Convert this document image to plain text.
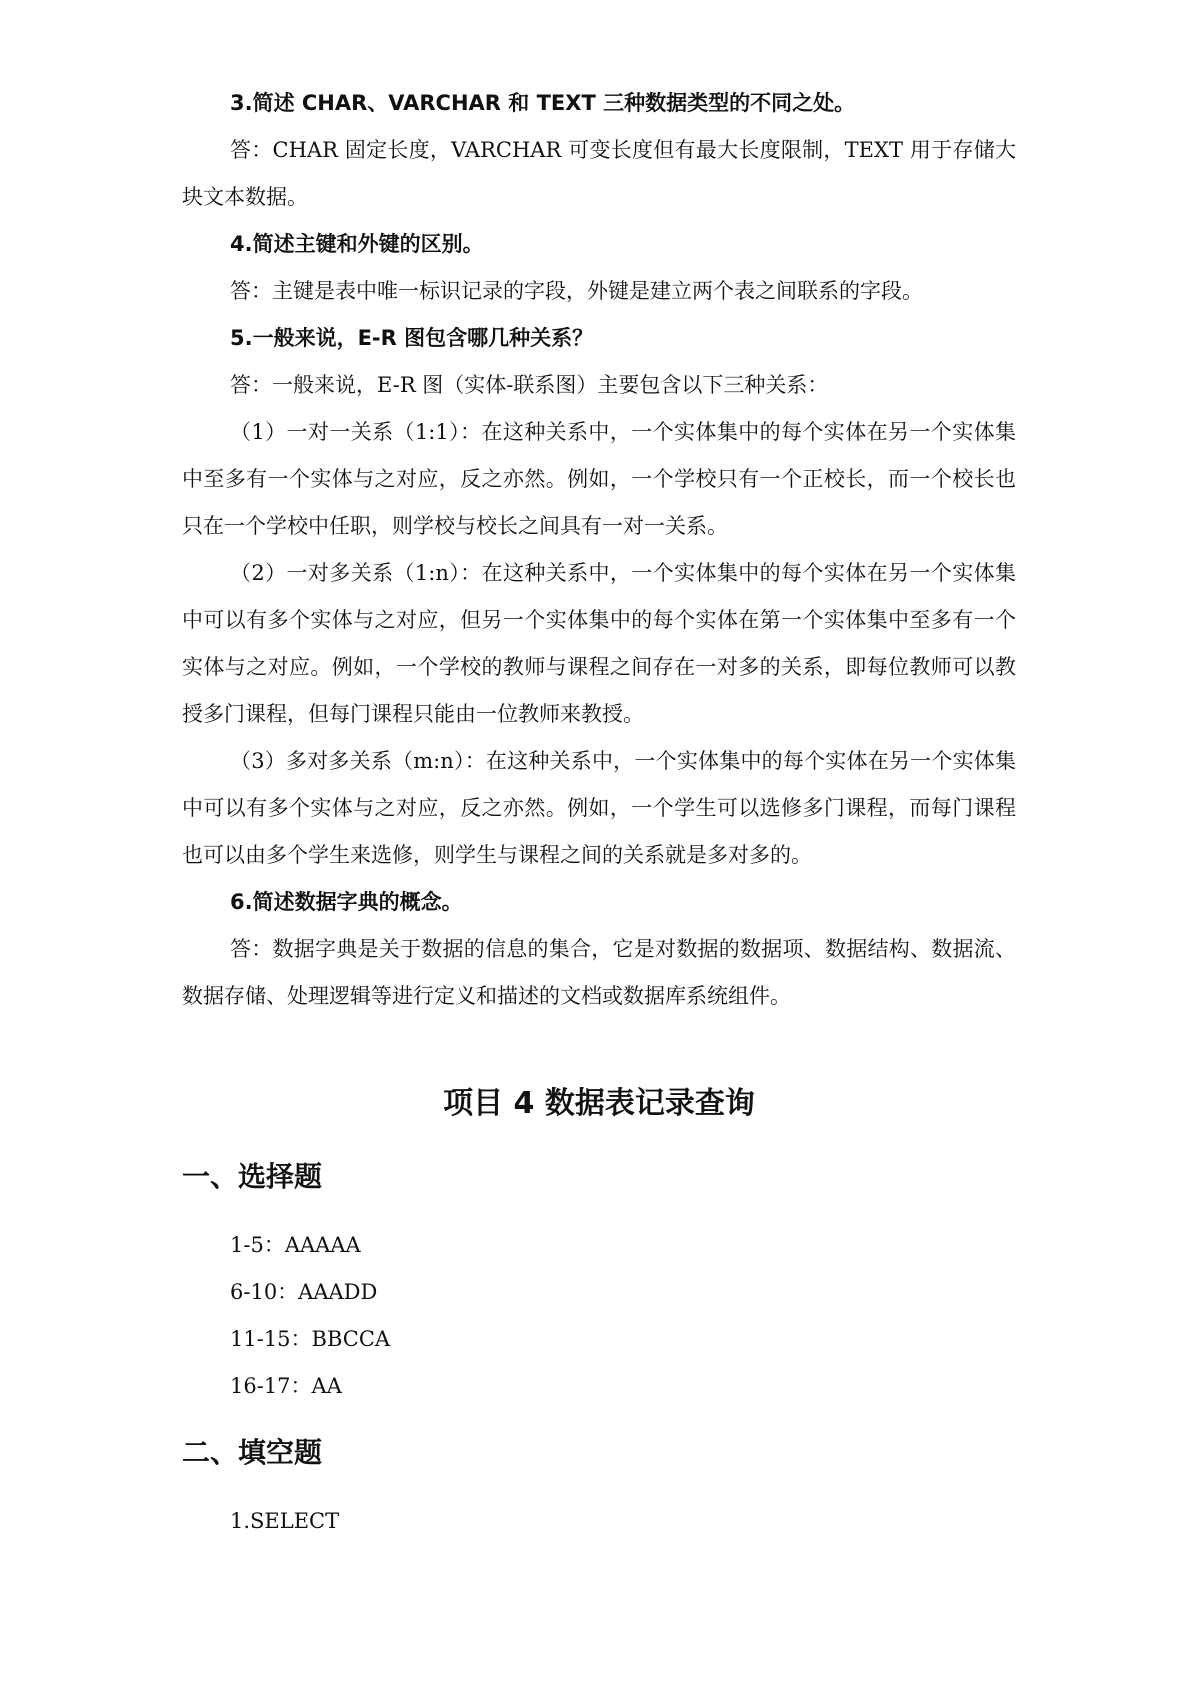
3.简述 CHAR、VARCHAR 和 TEXT 三种数据类型的不同之处。

答：CHAR 固定长度，VARCHAR 可变长度但有最大长度限制，TEXT 用于存储大块文本数据。

4.简述主键和外键的区别。

答：主键是表中唯一标识记录的字段，外键是建立两个表之间联系的字段。

5.一般来说，E-R 图包含哪几种关系？

答：一般来说，E-R 图（实体-联系图）主要包含以下三种关系：

（1）一对一关系（1:1）：在这种关系中，一个实体集中的每个实体在另一个实体集中至多有一个实体与之对应，反之亦然。例如，一个学校只有一个正校长，而一个校长也只在一个学校中任职，则学校与校长之间具有一对一关系。

（2）一对多关系（1:n）：在这种关系中，一个实体集中的每个实体在另一个实体集中可以有多个实体与之对应，但另一个实体集中的每个实体在第一个实体集中至多有一个实体与之对应。例如，一个学校的教师与课程之间存在一对多的关系，即每位教师可以教授多门课程，但每门课程只能由一位教师来教授。

（3）多对多关系（m:n）：在这种关系中，一个实体集中的每个实体在另一个实体集中可以有多个实体与之对应，反之亦然。例如，一个学生可以选修多门课程，而每门课程也可以由多个学生来选修，则学生与课程之间的关系就是多对多的。

6.简述数据字典的概念。

答：数据字典是关于数据的信息的集合，它是对数据的数据项、数据结构、数据流、数据存储、处理逻辑等进行定义和描述的文档或数据库系统组件。

项目 4 数据表记录查询
一、选择题

1-5：AAAAA

6-10：AAADD

11-15：BBCCA

16-17：AA

二、填空题

1.SELECT
